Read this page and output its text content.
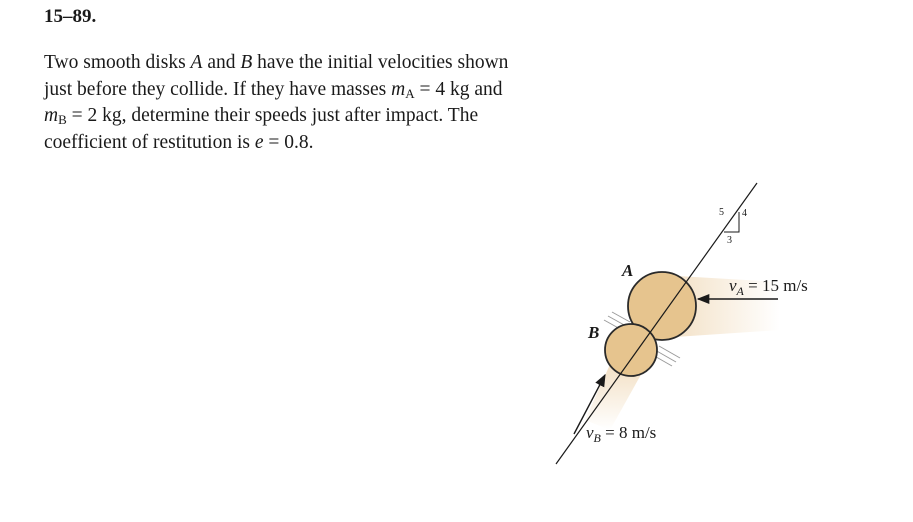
15–89.

Two smooth disks A and B have the initial velocities shown
just before they collide. If they have masses $m_A = 4$ kg and
$m_B = 2$ kg, determine their speeds just after impact. The
coefficient of restitution is e = 0.8.

5 4
3
A
B
$v_A = 15$ m/s
$v_B = 8$ m/s
